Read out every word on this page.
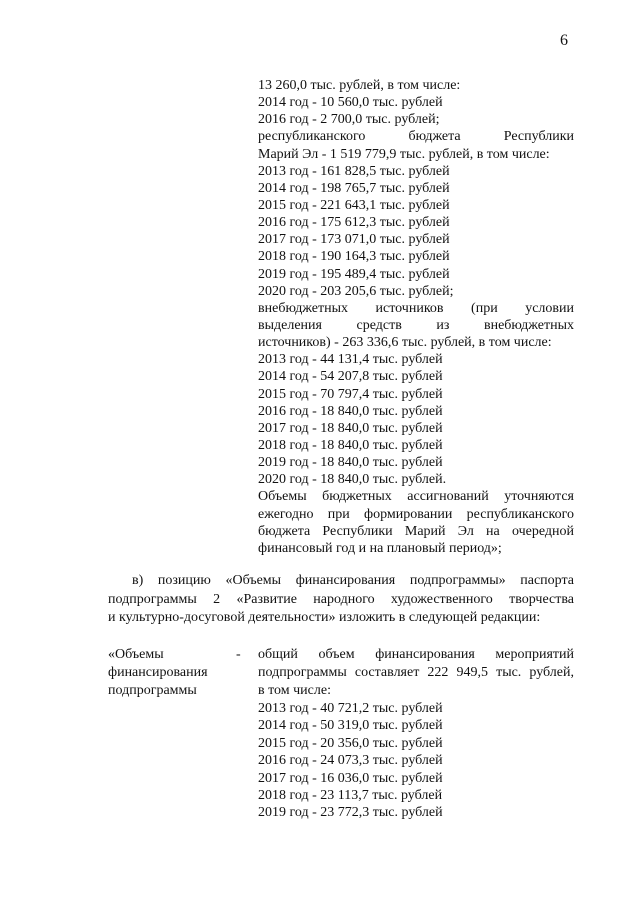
6
13 260,0 тыс. рублей, в том числе:
2014 год - 10 560,0 тыс. рублей
2016 год - 2 700,0 тыс. рублей;
республиканского бюджета Республики
Марий Эл - 1 519 779,9 тыс. рублей, в том числе:
2013 год - 161 828,5 тыс. рублей
2014 год - 198 765,7 тыс. рублей
2015 год - 221 643,1 тыс. рублей
2016 год - 175 612,3 тыс. рублей
2017 год - 173 071,0 тыс. рублей
2018 год - 190 164,3 тыс. рублей
2019 год - 195 489,4 тыс. рублей
2020 год - 203 205,6 тыс. рублей;
внебюджетных источников (при условии
выделения средств из внебюджетных
источников) - 263 336,6 тыс. рублей, в том числе:
2013 год - 44 131,4 тыс. рублей
2014 год - 54 207,8 тыс. рублей
2015 год - 70 797,4 тыс. рублей
2016 год - 18 840,0 тыс. рублей
2017 год - 18 840,0 тыс. рублей
2018 год - 18 840,0 тыс. рублей
2019 год - 18 840,0 тыс. рублей
2020 год - 18 840,0 тыс. рублей.
Объемы бюджетных ассигнований уточняются
ежегодно при формировании республиканского
бюджета Республики Марий Эл на очередной
финансовый год и на плановый период»;
в) позицию «Объемы финансирования подпрограммы» паспорта
подпрограммы 2 «Развитие народного художественного творчества
и культурно-досуговой деятельности» изложить в следующей редакции:
«Объемы
финансирования
подпрограммы
- общий объем финансирования мероприятий
подпрограммы составляет 222 949,5 тыс. рублей,
в том числе:
2013 год - 40 721,2 тыс. рублей
2014 год - 50 319,0 тыс. рублей
2015 год - 20 356,0 тыс. рублей
2016 год - 24 073,3 тыс. рублей
2017 год - 16 036,0 тыс. рублей
2018 год - 23 113,7 тыс. рублей
2019 год - 23 772,3 тыс. рублей
